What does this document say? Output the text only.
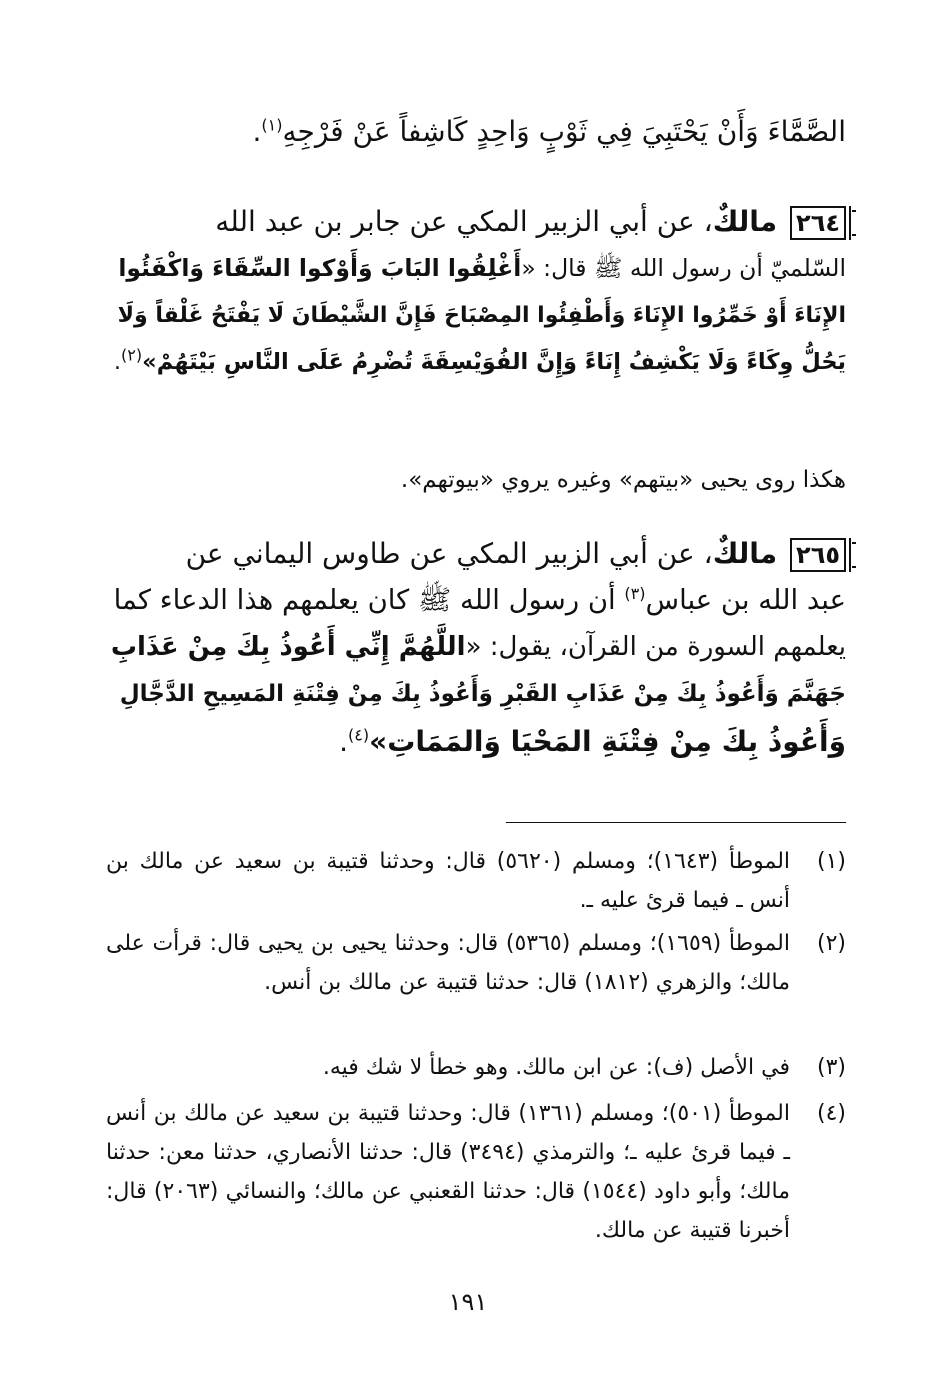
الصَّمَّاءَ وَأَنْ يَحْتَبِيَ فِي ثَوْبٍ وَاحِدٍ كَاشِفاً عَنْ فَرْجِهِ$^{(١)}$.
٢٦٤ مالكٌ، عن أبي الزبير المكي عن جابر بن عبد الله
السّلميّ أن رسول الله ﷺ قال: «أَغْلِقُوا البَابَ وَأَوْكوا السِّقَاءَ وَاكْفَئُوا
الإِنَاءَ أَوْ خَمِّرُوا الإِنَاءَ وَأَطْفِئُوا المِصْبَاحَ فَإِنَّ الشَّيْطَانَ لَا يَفْتَحُ غَلْقاً وَلَا
يَحُلُّ وِكَاءً وَلَا يَكْشِفُ إِنَاءً وَإِنَّ الفُوَيْسِقَةَ تُضْرِمُ عَلَى النَّاسِ بَيْتَهُمْ»$^{(٢)}$.
هكذا روى يحيى «بيتهم» وغيره يروي «بيوتهم».
٢٦٥ مالكٌ، عن أبي الزبير المكي عن طاوس اليماني عن
عبد الله بن عباس$^{(٣)}$ أن رسول الله ﷺ كان يعلمهم هذا الدعاء كما
يعلمهم السورة من القرآن، يقول: «اللَّهُمَّ إِنِّي أَعُوذُ بِكَ مِنْ عَذَابِ
جَهَنَّمَ وَأَعُوذُ بِكَ مِنْ عَذَابِ القَبْرِ وَأَعُوذُ بِكَ مِنْ فِتْنَةِ المَسِيحِ الدَّجَّالِ
وَأَعُوذُ بِكَ مِنْ فِتْنَةِ المَحْيَا وَالمَمَاتِ»$^{(٤)}$.
(١)
الموطأ (١٦٤٣)؛ ومسلم (٥٦٢٠) قال: وحدثنا قتيبة بن سعيد عن مالك بن أنس ـ فيما قرئ عليه ـ.
(٢)
الموطأ (١٦٥٩)؛ ومسلم (٥٣٦٥) قال: وحدثنا يحيى بن يحيى قال: قرأت على مالك؛ والزهري (١٨١٢) قال: حدثنا قتيبة عن مالك بن أنس.
(٣)
في الأصل (ف): عن ابن مالك. وهو خطأ لا شك فيه.
(٤)
الموطأ (٥٠١)؛ ومسلم (١٣٦١) قال: وحدثنا قتيبة بن سعيد عن مالك بن أنس ـ فيما قرئ عليه ـ؛ والترمذي (٣٤٩٤) قال: حدثنا الأنصاري، حدثنا معن: حدثنا مالك؛ وأبو داود (١٥٤٤) قال: حدثنا القعنبي عن مالك؛ والنسائي (٢٠٦٣) قال: أخبرنا قتيبة عن مالك.
١٩١
